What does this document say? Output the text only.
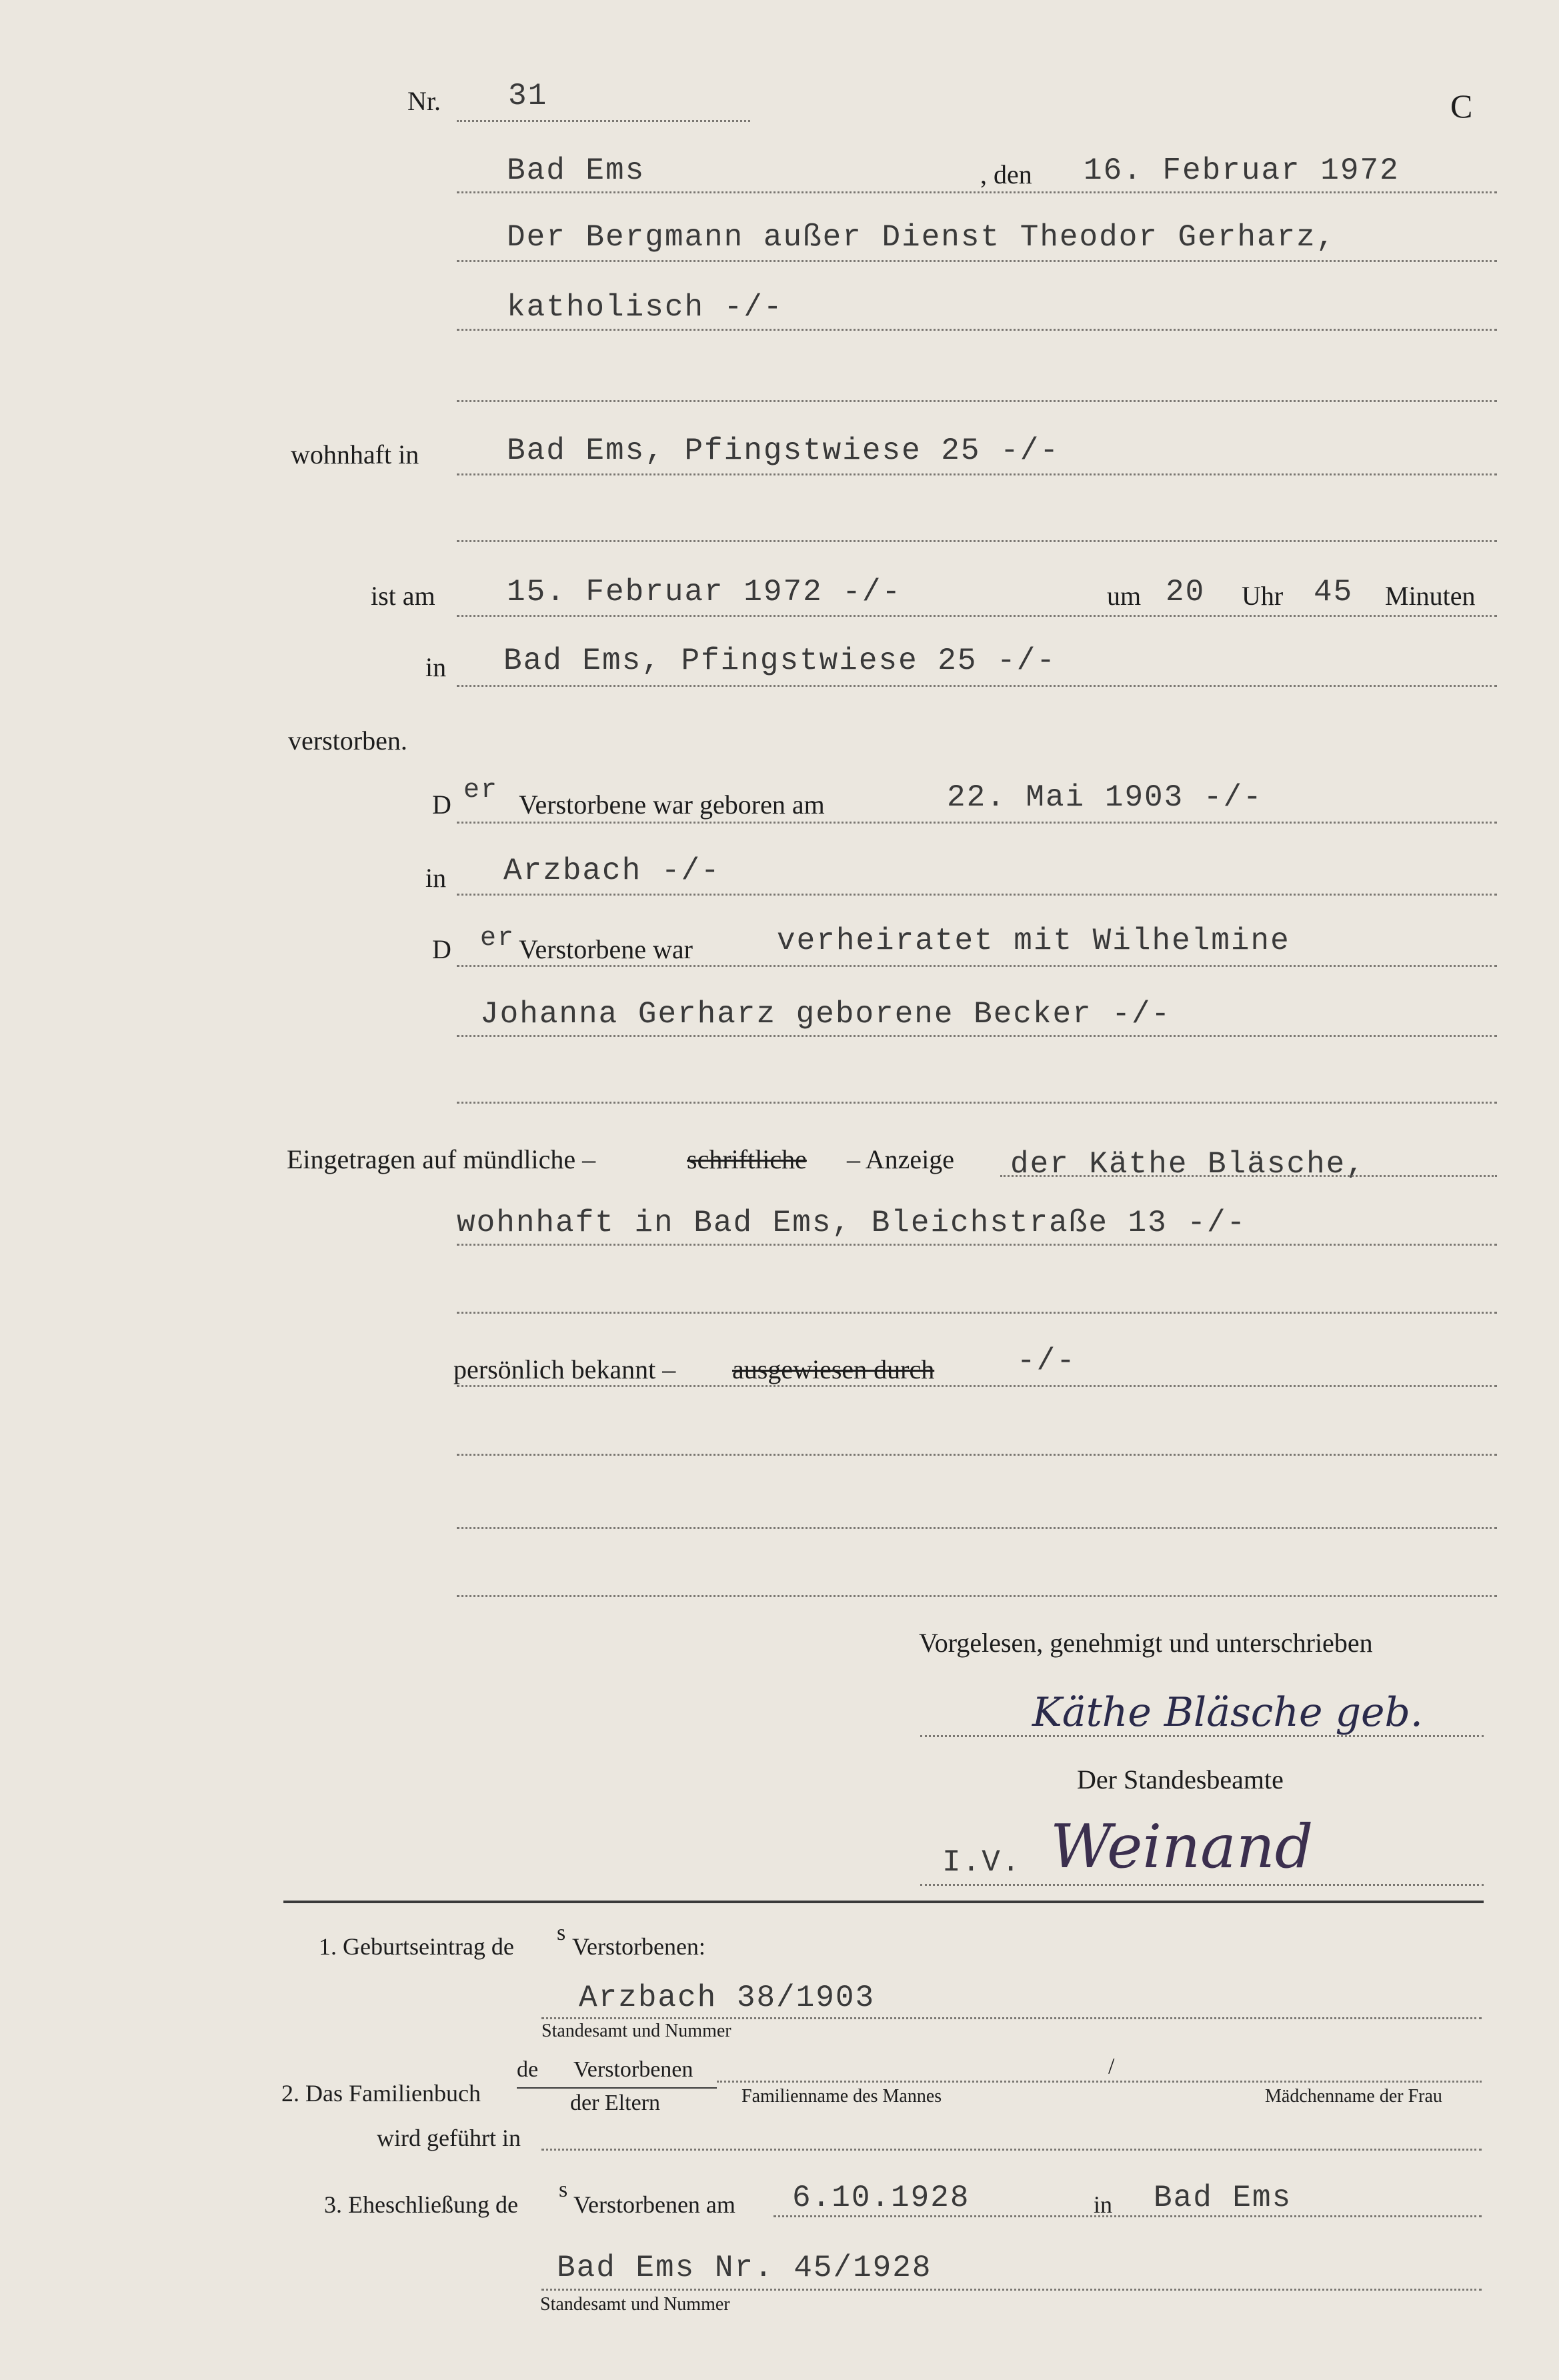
Nr. 31	C
Bad Ems	, den 16. Februar 1972
Der Bergmann außer Dienst Theodor Gerharz,
katholisch -/-
wohnhaft in	Bad Ems, Pfingstwiese 25 -/-
ist am 15. Februar 1972 -/-	um 20 Uhr 45 Minuten
in Bad Ems, Pfingstwiese 25 -/-
verstorben.
D er Verstorbene war geboren am	22. Mai 1903 -/-
in Arzbach -/-
D er Verstorbene war	verheiratet mit Wilhelmine
Johanna Gerharz geborene Becker -/-
Eingetragen auf mündliche –	schriftliche – Anzeige der Käthe Bläsche,
wohnhaft in Bad Ems, Bleichstraße 13 -/-
persönlich bekannt – ausgewiesen durch	-/-
Vorgelesen, genehmigt und unterschrieben
Käthe Bläsche geb.
Der Standesbeamte
I.V. Weinand
1. Geburtseintrag de
s
Verstorbenen:
Arzbach 38/1903
Standesamt und Nummer
2. Das Familienbuch
de Verstorbenen
der Eltern
/
Familienname des Mannes	Mädchenname der Frau
wird geführt in
3. Eheschließung de
s
Verstorbenen am 6.10.1928	in Bad Ems
Bad Ems Nr. 45/1928
Standesamt und Nummer
